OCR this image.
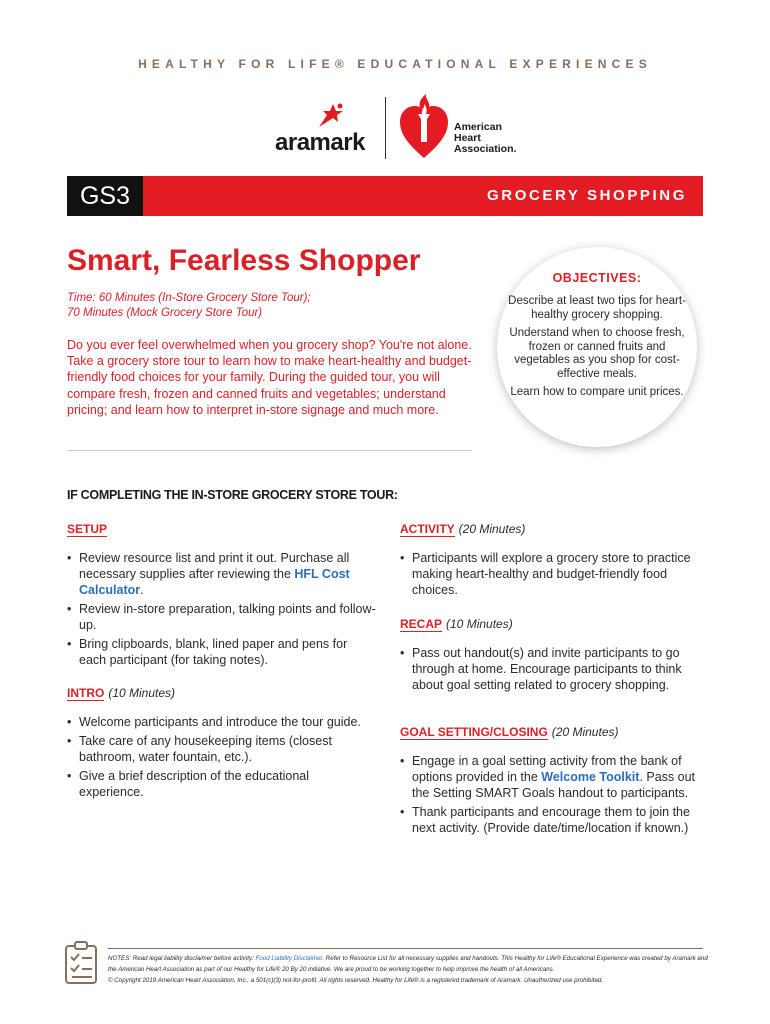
HEALTHY FOR LIFE® EDUCATIONAL EXPERIENCES
aramark
American
Heart
Association.
GS3	GROCERY SHOPPING
Smart, Fearless Shopper
Time: 60 Minutes (In-Store Grocery Store Tour);
70 Minutes (Mock Grocery Store Tour)
Do you ever feel overwhelmed when you grocery shop? You're not alone. Take a grocery store tour to learn how to make heart-healthy and budget-friendly food choices for your family. During the guided tour, you will compare fresh, frozen and canned fruits and vegetables; understand pricing; and learn how to interpret in-store signage and much more.
OBJECTIVES:
Describe at least two tips for heart-healthy grocery shopping.
Understand when to choose fresh, frozen or canned fruits and vegetables as you shop for cost-effective meals.
Learn how to compare unit prices.
IF COMPLETING THE IN-STORE GROCERY STORE TOUR:
SETUP
• Review resource list and print it out. Purchase all necessary supplies after reviewing the HFL Cost Calculator.
• Review in-store preparation, talking points and follow-up.
• Bring clipboards, blank, lined paper and pens for each participant (for taking notes).
INTRO (10 Minutes)
• Welcome participants and introduce the tour guide.
• Take care of any housekeeping items (closest bathroom, water fountain, etc.).
• Give a brief description of the educational experience.
ACTIVITY (20 Minutes)
• Participants will explore a grocery store to practice making heart-healthy and budget-friendly food choices.
RECAP (10 Minutes)
• Pass out handout(s) and invite participants to go through at home. Encourage participants to think about goal setting related to grocery shopping.
GOAL SETTING/CLOSING (20 Minutes)
• Engage in a goal setting activity from the bank of options provided in the Welcome Toolkit. Pass out the Setting SMART Goals handout to participants.
• Thank participants and encourage them to join the next activity. (Provide date/time/location if known.)
NOTES: Read legal liability disclaimer before activity: Food Liability Disclaimer. Refer to Resource List for all necessary supplies and handouts. This Healthy for Life® Educational Experience was created by Aramark and the American Heart Association as part of our Healthy for Life® 20 By 20 initiative. We are proud to be working together to help improve the health of all Americans.
© Copyright 2019 American Heart Association, Inc., a 501(c)(3) not-for-profit. All rights reserved. Healthy for Life® is a registered trademark of Aramark. Unauthorized use prohibited.
